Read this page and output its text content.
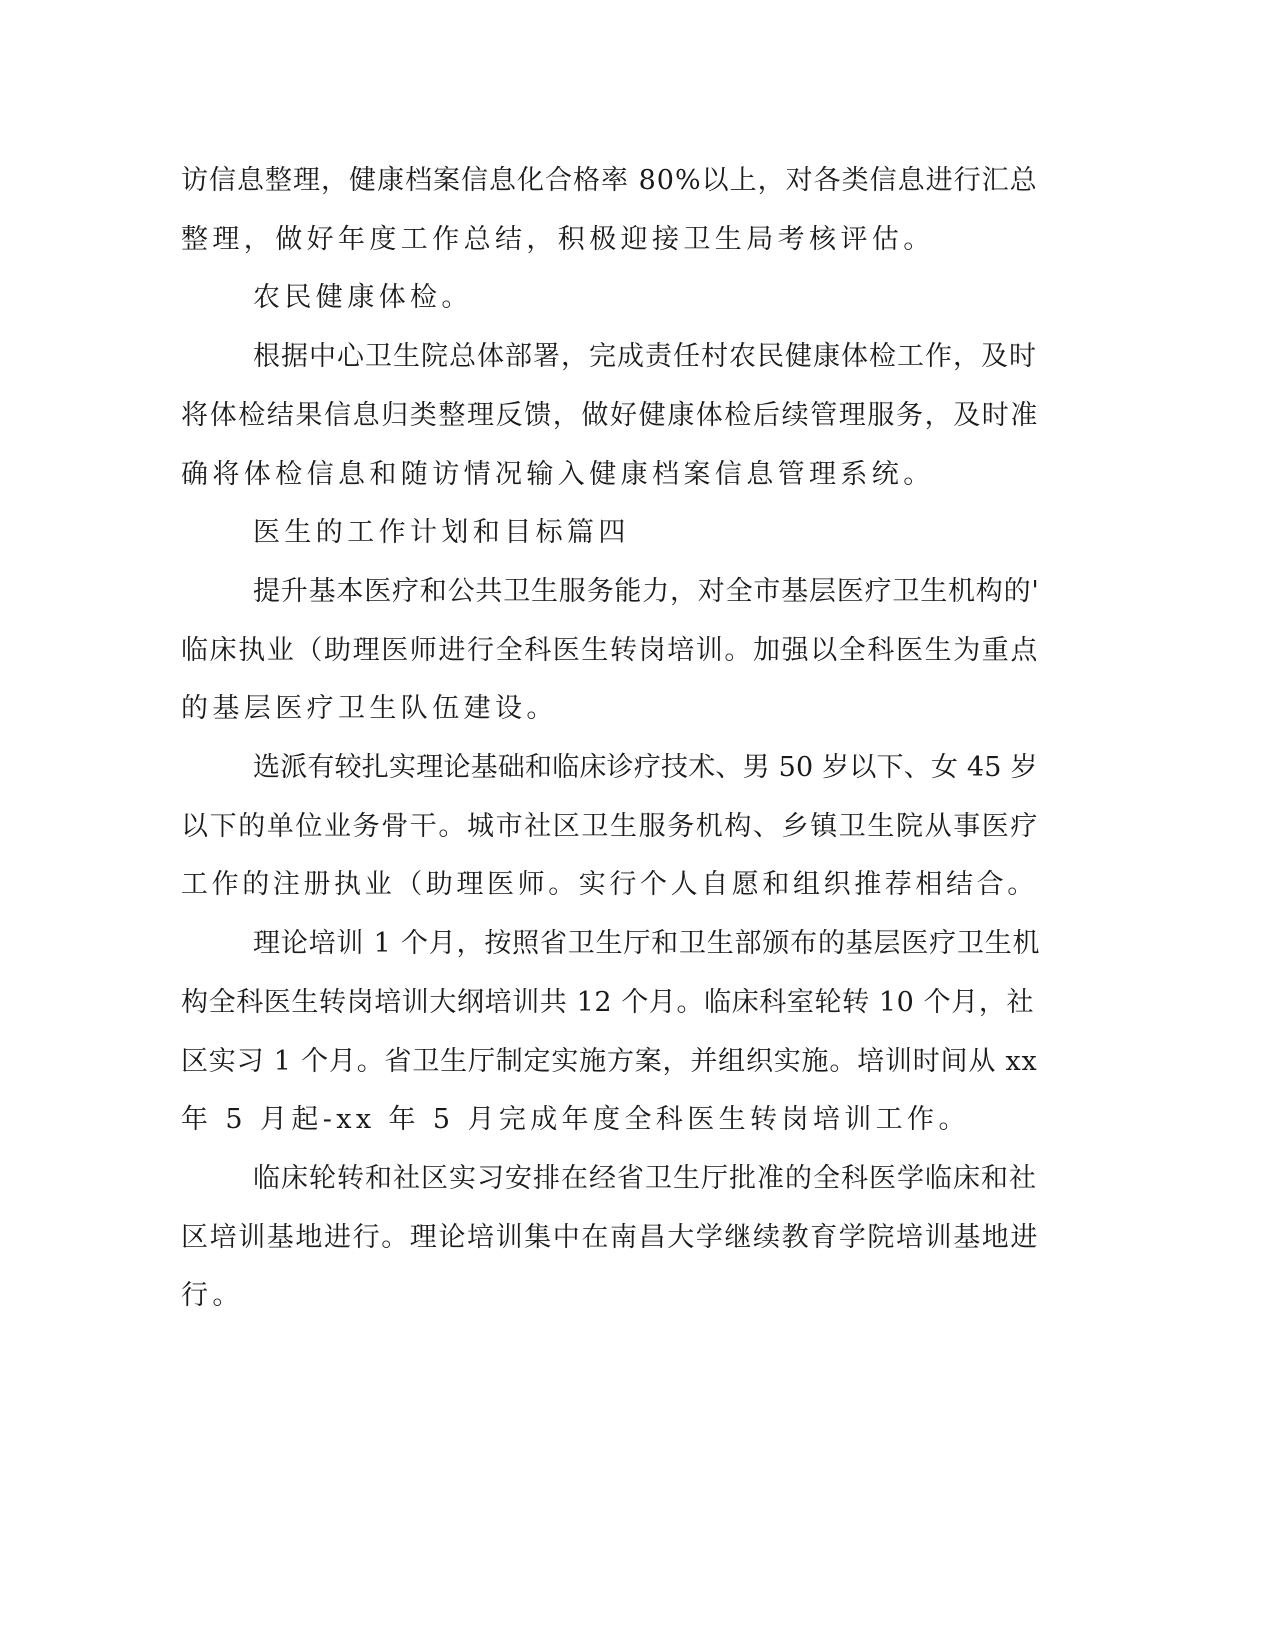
访信息整理，健康档案信息化合格率 80%以上，对各类信息进行汇总
整理，做好年度工作总结，积极迎接卫生局考核评估。
农民健康体检。
根据中心卫生院总体部署，完成责任村农民健康体检工作，及时
将体检结果信息归类整理反馈，做好健康体检后续管理服务，及时准
确将体检信息和随访情况输入健康档案信息管理系统。
医生的工作计划和目标篇四
提升基本医疗和公共卫生服务能力，对全市基层医疗卫生机构的'
临床执业（助理医师进行全科医生转岗培训。加强以全科医生为重点
的基层医疗卫生队伍建设。
选派有较扎实理论基础和临床诊疗技术、男 50 岁以下、女 45 岁
以下的单位业务骨干。城市社区卫生服务机构、乡镇卫生院从事医疗
工作的注册执业（助理医师。实行个人自愿和组织推荐相结合。
理论培训 1 个月，按照省卫生厅和卫生部颁布的基层医疗卫生机
构全科医生转岗培训大纲培训共 12 个月。临床科室轮转 10 个月，社
区实习 1 个月。省卫生厅制定实施方案，并组织实施。培训时间从 xx
年 5 月起-xx 年 5 月完成年度全科医生转岗培训工作。
临床轮转和社区实习安排在经省卫生厅批准的全科医学临床和社
区培训基地进行。理论培训集中在南昌大学继续教育学院培训基地进
行。
